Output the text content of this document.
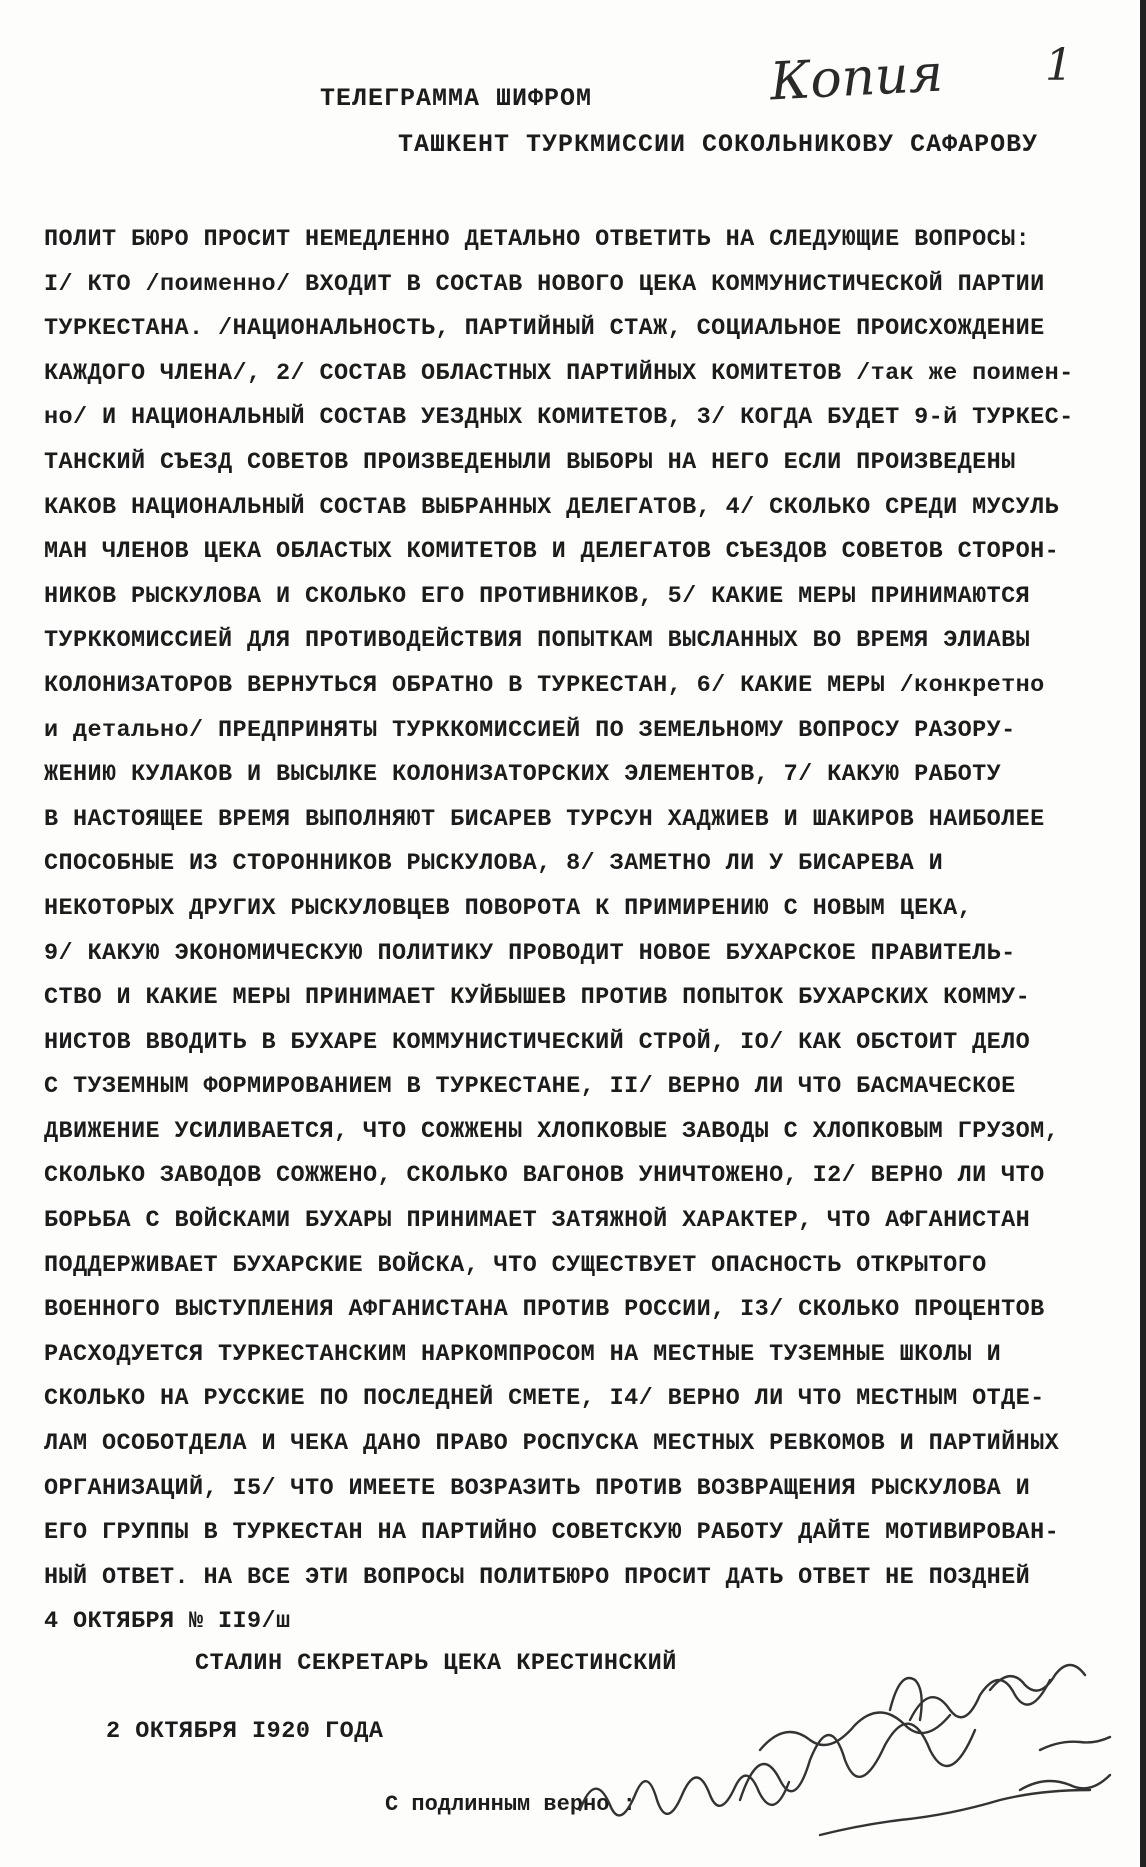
Копия 1
ТЕЛЕГРАММА ШИФРОМ
ТАШКЕНТ ТУРКМИССИИ СОКОЛЬНИКОВУ САФАРОВУ
ПОЛИТ БЮРО ПРОСИТ НЕМЕДЛЕННО ДЕТАЛЬНО ОТВЕТИТЬ НА СЛЕДУЮЩИЕ ВОПРОСЫ:
I/ КТО /поименно/ ВХОДИТ В СОСТАВ НОВОГО ЦЕКА КОММУНИСТИЧЕСКОЙ ПАРТИИ
ТУРКЕСТАНА. /НАЦИОНАЛЬНОСТЬ, ПАРТИЙНЫЙ СТАЖ, СОЦИАЛЬНОЕ ПРОИСХОЖДЕНИЕ
КАЖДОГО ЧЛЕНА/, 2/ СОСТАВ ОБЛАСТНЫХ ПАРТИЙНЫХ КОМИТЕТОВ /так же поимен-
но/ И НАЦИОНАЛЬНЫЙ СОСТАВ УЕЗДНЫХ КОМИТЕТОВ, 3/ КОГДА БУДЕТ 9-й ТУРКЕС-
ТАНСКИЙ СЪЕЗД СОВЕТОВ ПРОИЗВЕДЕНЫЛИ ВЫБОРЫ НА НЕГО ЕСЛИ ПРОИЗВЕДЕНЫ
КАКОВ НАЦИОНАЛЬНЫЙ СОСТАВ ВЫБРАННЫХ ДЕЛЕГАТОВ, 4/ СКОЛЬКО СРЕДИ МУСУЛЬ
МАН ЧЛЕНОВ ЦЕКА ОБЛАСТЫХ КОМИТЕТОВ И ДЕЛЕГАТОВ СЪЕЗДОВ СОВЕТОВ СТОРОН-
НИКОВ РЫСКУЛОВА И СКОЛЬКО ЕГО ПРОТИВНИКОВ, 5/ КАКИЕ МЕРЫ ПРИНИМАЮТСЯ
ТУРККОМИССИЕЙ ДЛЯ ПРОТИВОДЕЙСТВИЯ ПОПЫТКАМ ВЫСЛАННЫХ ВО ВРЕМЯ ЭЛИАВЫ
КОЛОНИЗАТОРОВ ВЕРНУТЬСЯ ОБРАТНО В ТУРКЕСТАН, 6/ КАКИЕ МЕРЫ /конкретно
и детально/ ПРЕДПРИНЯТЫ ТУРККОМИССИЕЙ ПО ЗЕМЕЛЬНОМУ ВОПРОСУ РАЗОРУ-
ЖЕНИЮ КУЛАКОВ И ВЫСЫЛКЕ КОЛОНИЗАТОРСКИХ ЭЛЕМЕНТОВ, 7/ КАКУЮ РАБОТУ
В НАСТОЯЩЕЕ ВРЕМЯ ВЫПОЛНЯЮТ БИСАРЕВ ТУРСУН ХАДЖИЕВ И ШАКИРОВ НАИБОЛЕЕ
СПОСОБНЫЕ ИЗ СТОРОННИКОВ РЫСКУЛОВА, 8/ ЗАМЕТНО ЛИ У БИСАРЕВА И
НЕКОТОРЫХ ДРУГИХ РЫСКУЛОВЦЕВ ПОВОРОТА К ПРИМИРЕНИЮ С НОВЫМ ЦЕКА,
9/ КАКУЮ ЭКОНОМИЧЕСКУЮ ПОЛИТИКУ ПРОВОДИТ НОВОЕ БУХАРСКОЕ ПРАВИТЕЛЬ-
СТВО И КАКИЕ МЕРЫ ПРИНИМАЕТ КУЙБЫШЕВ ПРОТИВ ПОПЫТОК БУХАРСКИХ КОММУ-
НИСТОВ ВВОДИТЬ В БУХАРЕ КОММУНИСТИЧЕСКИЙ СТРОЙ, IO/ КАК ОБСТОИТ ДЕЛО
С ТУЗЕМНЫМ ФОРМИРОВАНИЕМ В ТУРКЕСТАНЕ, II/ ВЕРНО ЛИ ЧТО БАСМАЧЕСКОЕ
ДВИЖЕНИЕ УСИЛИВАЕТСЯ, ЧТО СОЖЖЕНЫ ХЛОПКОВЫЕ ЗАВОДЫ С ХЛОПКОВЫМ ГРУЗОМ,
СКОЛЬКО ЗАВОДОВ СОЖЖЕНО, СКОЛЬКО ВАГОНОВ УНИЧТОЖЕНО, I2/ ВЕРНО ЛИ ЧТО
БОРЬБА С ВОЙСКАМИ БУХАРЫ ПРИНИМАЕТ ЗАТЯЖНОЙ ХАРАКТЕР, ЧТО АФГАНИСТАН
ПОДДЕРЖИВАЕТ БУХАРСКИЕ ВОЙСКА, ЧТО СУЩЕСТВУЕТ ОПАСНОСТЬ ОТКРЫТОГО
ВОЕННОГО ВЫСТУПЛЕНИЯ АФГАНИСТАНА ПРОТИВ РОССИИ, I3/ СКОЛЬКО ПРОЦЕНТОВ
РАСХОДУЕТСЯ ТУРКЕСТАНСКИМ НАРКОМПРОСОМ НА МЕСТНЫЕ ТУЗЕМНЫЕ ШКОЛЫ И
СКОЛЬКО НА РУССКИЕ ПО ПОСЛЕДНЕЙ СМЕТЕ, I4/ ВЕРНО ЛИ ЧТО МЕСТНЫМ ОТДЕ-
ЛАМ ОСОБОТДЕЛА И ЧЕКА ДАНО ПРАВО РОСПУСКА МЕСТНЫХ РЕВКОМОВ И ПАРТИЙНЫХ
ОРГАНИЗАЦИЙ, I5/ ЧТО ИМЕЕТЕ ВОЗРАЗИТЬ ПРОТИВ ВОЗВРАЩЕНИЯ РЫСКУЛОВА И
ЕГО ГРУППЫ В ТУРКЕСТАН НА ПАРТИЙНО СОВЕТСКУЮ РАБОТУ ДАЙТЕ МОТИВИРОВАН-
НЫЙ ОТВЕТ. НА ВСЕ ЭТИ ВОПРОСЫ ПОЛИТБЮРО ПРОСИТ ДАТЬ ОТВЕТ НЕ ПОЗДНЕЙ
4 ОКТЯБРЯ № II9/ш
СТАЛИН СЕКРЕТАРЬ ЦЕКА КРЕСТИНСКИЙ
2 ОКТЯБРЯ I920 ГОДА
С подлинным верно :
